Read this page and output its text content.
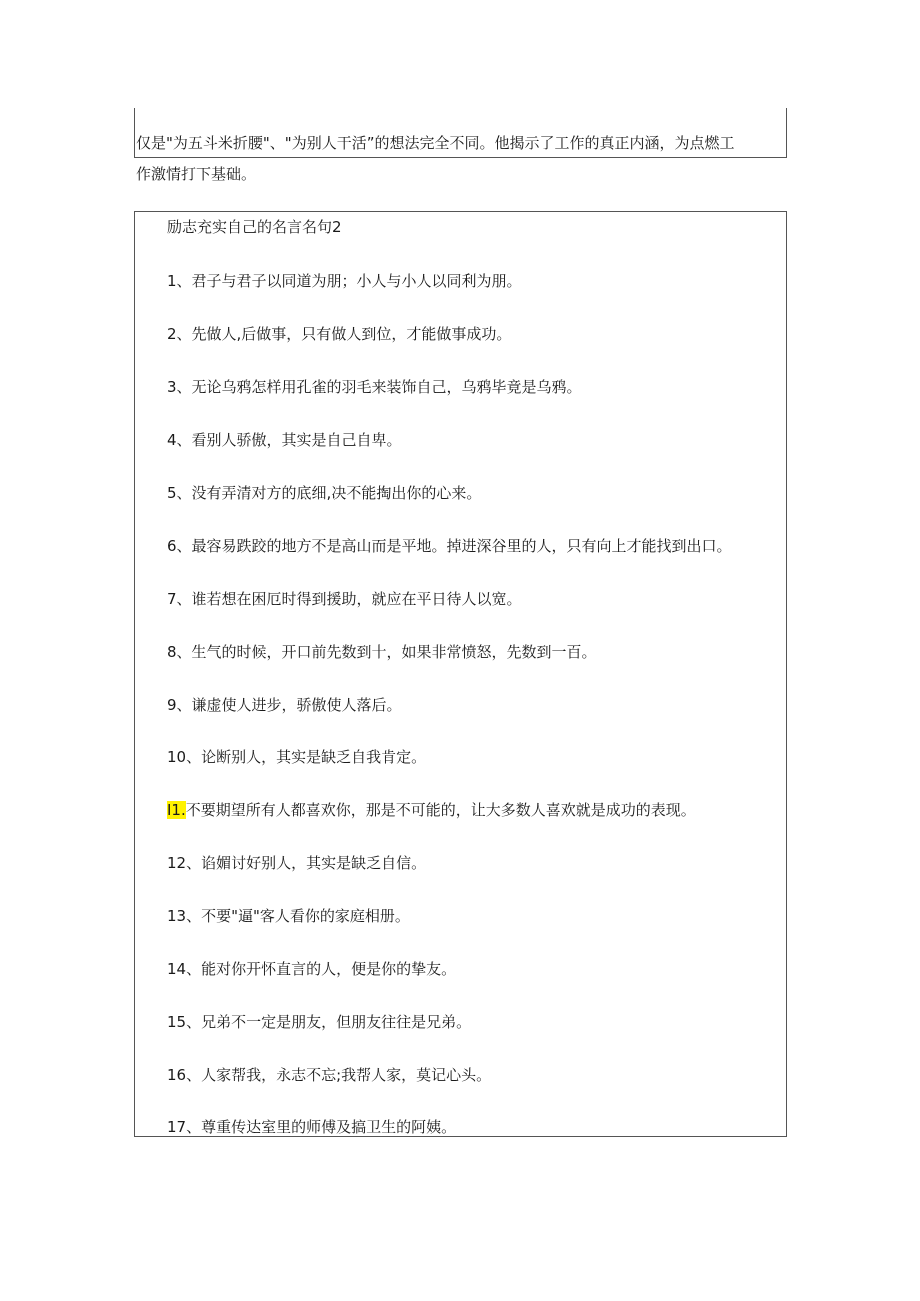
仅是"为五斗米折腰"、"为别人干活”的想法完全不同。他揭示了工作的真正内涵，为点燃工
作激情打下基础。
励志充实自己的名言名句2
1、君子与君子以同道为朋；小人与小人以同利为朋。
2、先做人,后做事，只有做人到位，才能做事成功。
3、无论乌鸦怎样用孔雀的羽毛来装饰自己，乌鸦毕竟是乌鸦。
4、看别人骄傲，其实是自己自卑。
5、没有弄清对方的底细,决不能掏出你的心来。
6、最容易跌跤的地方不是高山而是平地。掉进深谷里的人，只有向上才能找到出口。
7、谁若想在困厄时得到援助，就应在平日待人以宽。
8、生气的时候，开口前先数到十，如果非常愤怒，先数到一百。
9、谦虚使人进步，骄傲使人落后。
10、论断别人，其实是缺乏自我肯定。
I1.不要期望所有人都喜欢你，那是不可能的，让大多数人喜欢就是成功的表现。
12、谄媚讨好别人，其实是缺乏自信。
13、不要"逼"客人看你的家庭相册。
14、能对你开怀直言的人，便是你的挚友。
15、兄弟不一定是朋友，但朋友往往是兄弟。
16、人家帮我，永志不忘;我帮人家，莫记心头。
17、尊重传达室里的师傅及搞卫生的阿姨。
